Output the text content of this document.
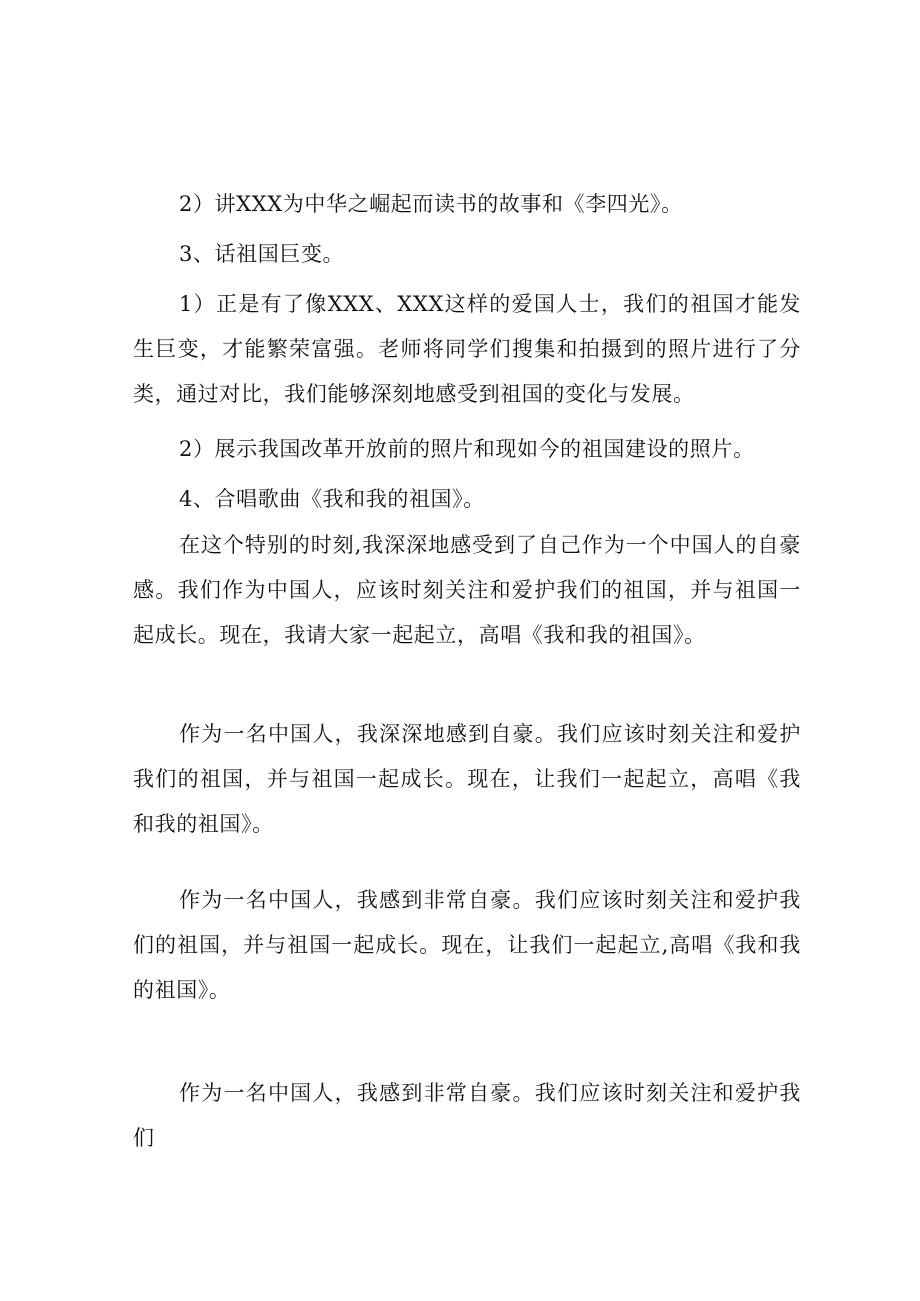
2）讲XXX为中华之崛起而读书的故事和《李四光》。

3、话祖国巨变。

1）正是有了像XXX、XXX这样的爱国人士，我们的祖国才能发生巨变，才能繁荣富强。老师将同学们搜集和拍摄到的照片进行了分类，通过对比，我们能够深刻地感受到祖国的变化与发展。

2）展示我国改革开放前的照片和现如今的祖国建设的照片。

4、合唱歌曲《我和我的祖国》。

在这个特别的时刻,我深深地感受到了自己作为一个中国人的自豪感。我们作为中国人，应该时刻关注和爱护我们的祖国，并与祖国一起成长。现在，我请大家一起起立，高唱《我和我的祖国》。

作为一名中国人，我深深地感到自豪。我们应该时刻关注和爱护我们的祖国，并与祖国一起成长。现在，让我们一起起立，高唱《我和我的祖国》。

作为一名中国人，我感到非常自豪。我们应该时刻关注和爱护我们的祖国，并与祖国一起成长。现在，让我们一起起立,高唱《我和我的祖国》。

作为一名中国人，我感到非常自豪。我们应该时刻关注和爱护我们
